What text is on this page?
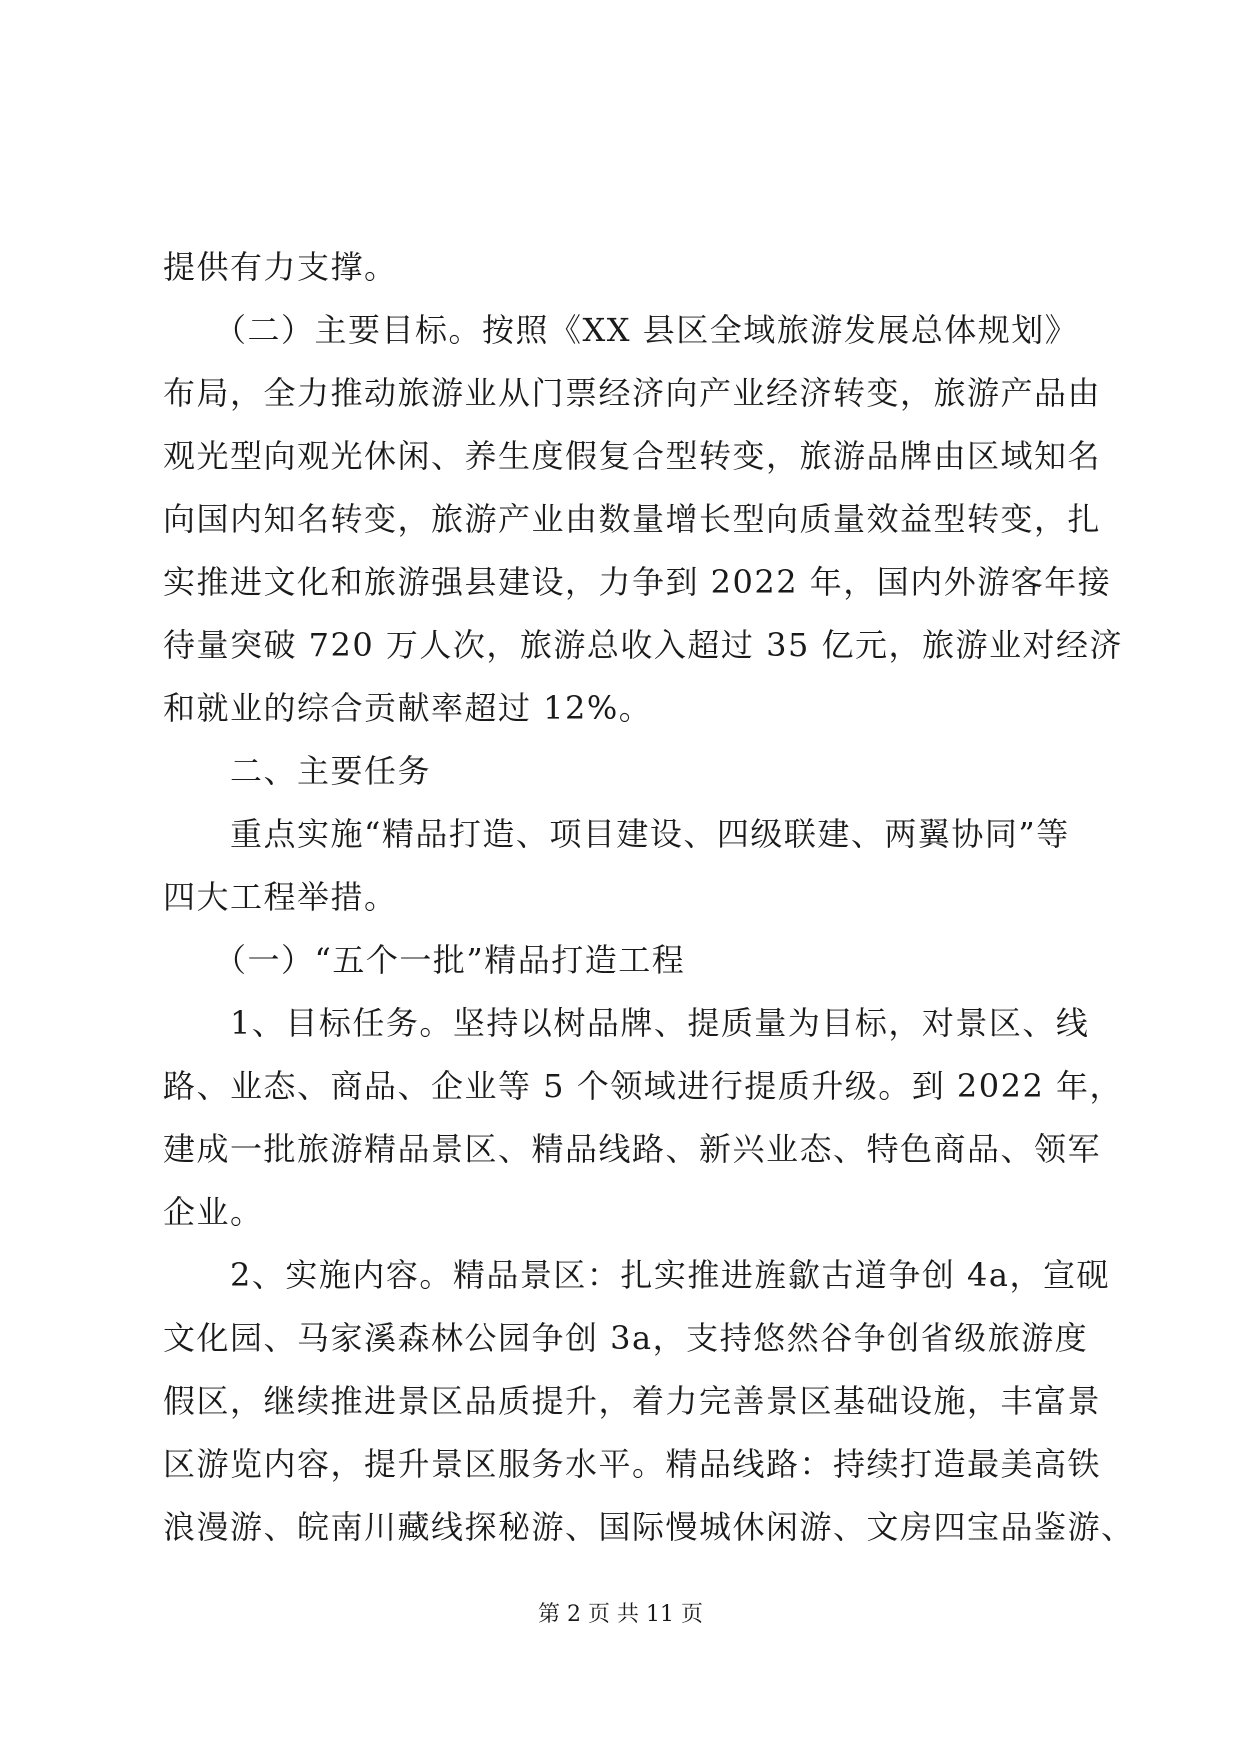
提供有力支撑。
　　（二）主要目标。按照《XX 县区全域旅游发展总体规划》
布局，全力推动旅游业从门票经济向产业经济转变，旅游产品由
观光型向观光休闲、养生度假复合型转变，旅游品牌由区域知名
向国内知名转变，旅游产业由数量增长型向质量效益型转变，扎
实推进文化和旅游强县建设，力争到 2022 年，国内外游客年接
待量突破 720 万人次，旅游总收入超过 35 亿元，旅游业对经济
和就业的综合贡献率超过 12%。
　　二、主要任务
　　重点实施“精品打造、项目建设、四级联建、两翼协同”等
四大工程举措。
　　（一）“五个一批”精品打造工程
　　1、目标任务。坚持以树品牌、提质量为目标，对景区、线
路、业态、商品、企业等 5 个领域进行提质升级。到 2022 年，
建成一批旅游精品景区、精品线路、新兴业态、特色商品、领军
企业。
　　2、实施内容。精品景区：扎实推进旌歙古道争创 4a，宣砚
文化园、马家溪森林公园争创 3a，支持悠然谷争创省级旅游度
假区，继续推进景区品质提升，着力完善景区基础设施，丰富景
区游览内容，提升景区服务水平。精品线路：持续打造最美高铁
浪漫游、皖南川藏线探秘游、国际慢城休闲游、文房四宝品鉴游、
第 2 页 共 11 页
